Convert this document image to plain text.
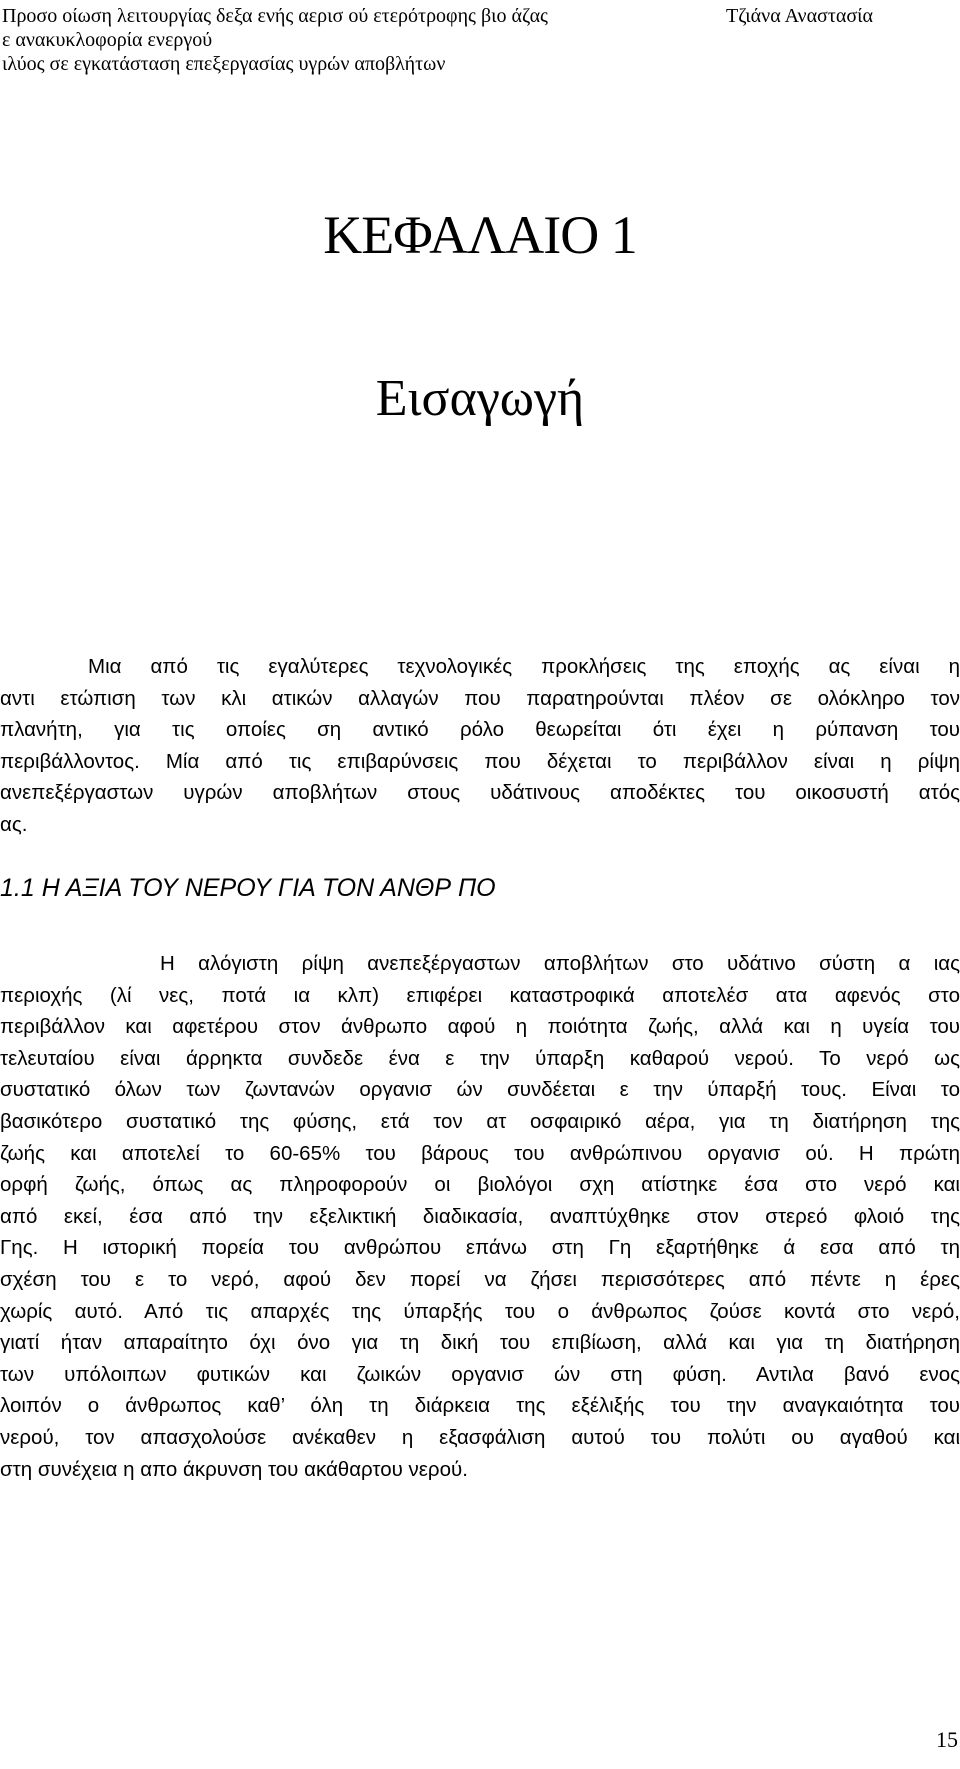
Προσο οίωση λειτουργίας δεξα ενής αερισ ού ετερότροφης βιο άζας
ε ανακυκλοφορία ενεργού
ιλύος σε εγκατάσταση επεξεργασίας υγρών αποβλήτων
Τζιάνα Αναστασία
ΚΕΦΑΛΑΙΟ 1
Εισαγωγή
Μια από τις εγαλύτερες τεχνολογικές προκλήσεις της εποχής ας είναι η
αντι ετώπιση των κλι ατικών αλλαγών που παρατηρούνται πλέον σε ολόκληρο τον
πλανήτη, για τις οποίες ση αντικό ρόλο θεωρείται ότι έχει η ρύπανση του
περιβάλλοντος. Μία από τις επιβαρύνσεις που δέχεται το περιβάλλον είναι η ρίψη
ανεπεξέργαστων υγρών αποβλήτων στους υδάτινους αποδέκτες του οικοσυστή ατός
ας.
1.1 Η ΑΞΙΑ ΤΟΥ ΝΕΡΟΥ ΓΙΑ ΤΟΝ ΑΝΘΡ ΠΟ
Η αλόγιστη ρίψη ανεπεξέργαστων αποβλήτων στο υδάτινο σύστη α ιας
περιοχής (λί νες, ποτά ια κλπ) επιφέρει καταστροφικά αποτελέσ ατα αφενός στο
περιβάλλον και αφετέρου στον άνθρωπο αφού η ποιότητα ζωής, αλλά και η υγεία του
τελευταίου είναι άρρηκτα συνδεδε ένα ε την ύπαρξη καθαρού νερού. Το νερό ως
συστατικό όλων των ζωντανών οργανισ ών συνδέεται ε την ύπαρξή τους. Είναι το
βασικότερο συστατικό της φύσης, ετά τον ατ οσφαιρικό αέρα, για τη διατήρηση της
ζωής και αποτελεί το 60-65% του βάρους του ανθρώπινου οργανισ ού. Η πρώτη
ορφή ζωής, όπως ας πληροφορούν οι βιολόγοι σχη ατίστηκε έσα στο νερό και
από εκεί, έσα από την εξελικτική διαδικασία, αναπτύχθηκε στον στερεό φλοιό της
Γης. Η ιστορική πορεία του ανθρώπου επάνω στη Γη εξαρτήθηκε ά εσα από τη
σχέση του ε το νερό, αφού δεν πορεί να ζήσει περισσότερες από πέντε η έρες
χωρίς αυτό. Από τις απαρχές της ύπαρξής του ο άνθρωπος ζούσε κοντά στο νερό,
γιατί ήταν απαραίτητο όχι όνο για τη δική του επιβίωση, αλλά και για τη διατήρηση
των υπόλοιπων φυτικών και ζωικών οργανισ ών στη φύση. Αντιλα βανό ενος
λοιπόν ο άνθρωπος καθ’ όλη τη διάρκεια της εξέλιξής του την αναγκαιότητα του
νερού, τον απασχολούσε ανέκαθεν η εξασφάλιση αυτού του πολύτι ου αγαθού και
στη συνέχεια η απο άκρυνση του ακάθαρτου νερού.
15
